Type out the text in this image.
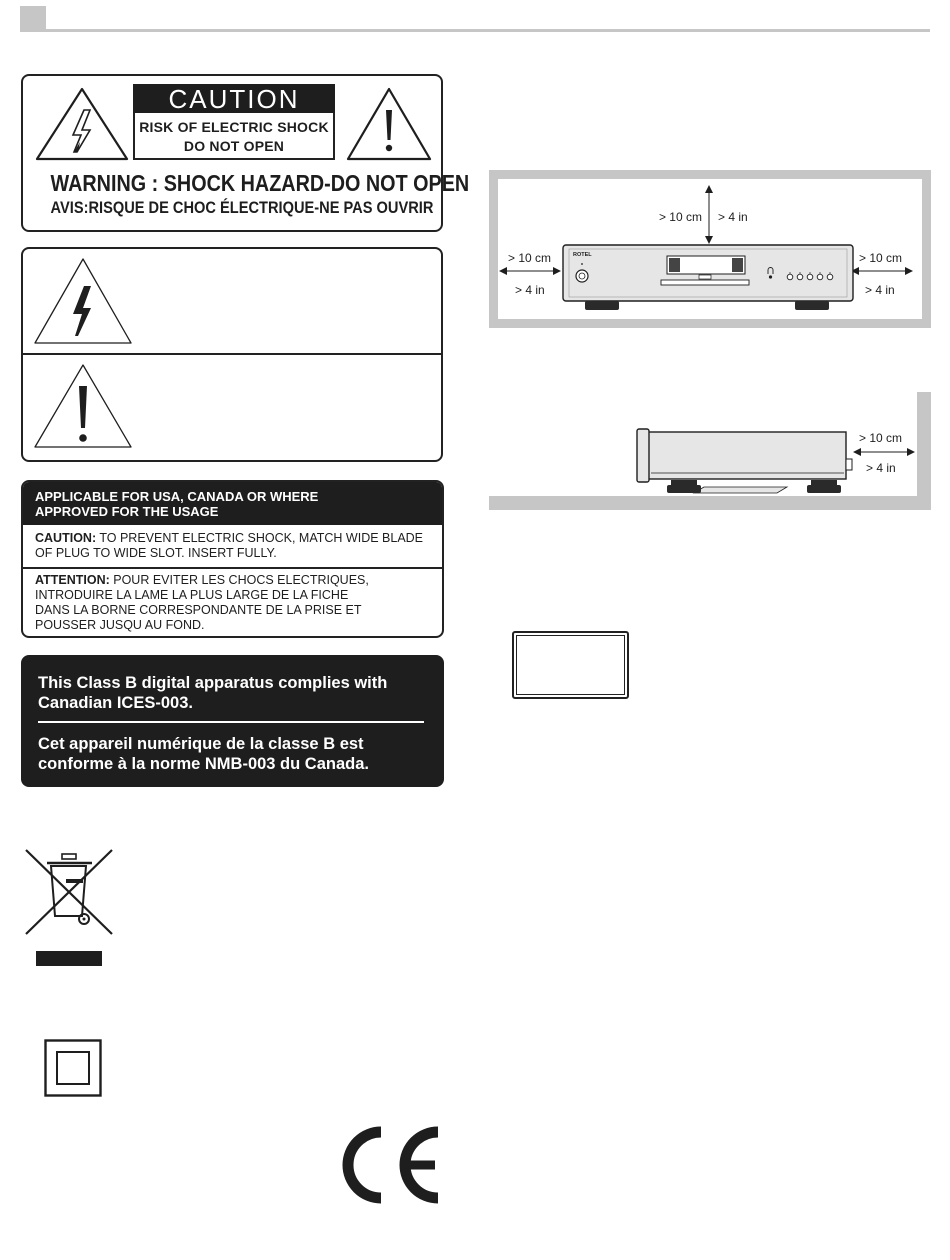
CAUTION
RISK OF ELECTRIC SHOCK
DO NOT OPEN
WARNING : SHOCK HAZARD-DO NOT OPEN
AVIS:RISQUE DE CHOC ÉLECTRIQUE-NE PAS OUVRIR
APPLICABLE FOR USA, CANADA OR WHERE
APPROVED FOR THE USAGE
CAUTION: TO PREVENT ELECTRIC SHOCK, MATCH WIDE BLADE
OF PLUG TO WIDE SLOT. INSERT FULLY.
ATTENTION: POUR EVITER LES CHOCS ELECTRIQUES,
INTRODUIRE LA LAME LA PLUS LARGE DE LA FICHE
DANS LA BORNE CORRESPONDANTE DE LA PRISE ET
POUSSER JUSQU AU FOND.
This Class B digital apparatus complies with
Canadian ICES-003.
Cet appareil numérique de la classe B est
conforme à la norme NMB-003 du Canada.
> 10 cm > 4 in
> 10 cm
> 4 in
> 10 cm
> 4 in
ROTEL
> 10 cm
> 4 in
